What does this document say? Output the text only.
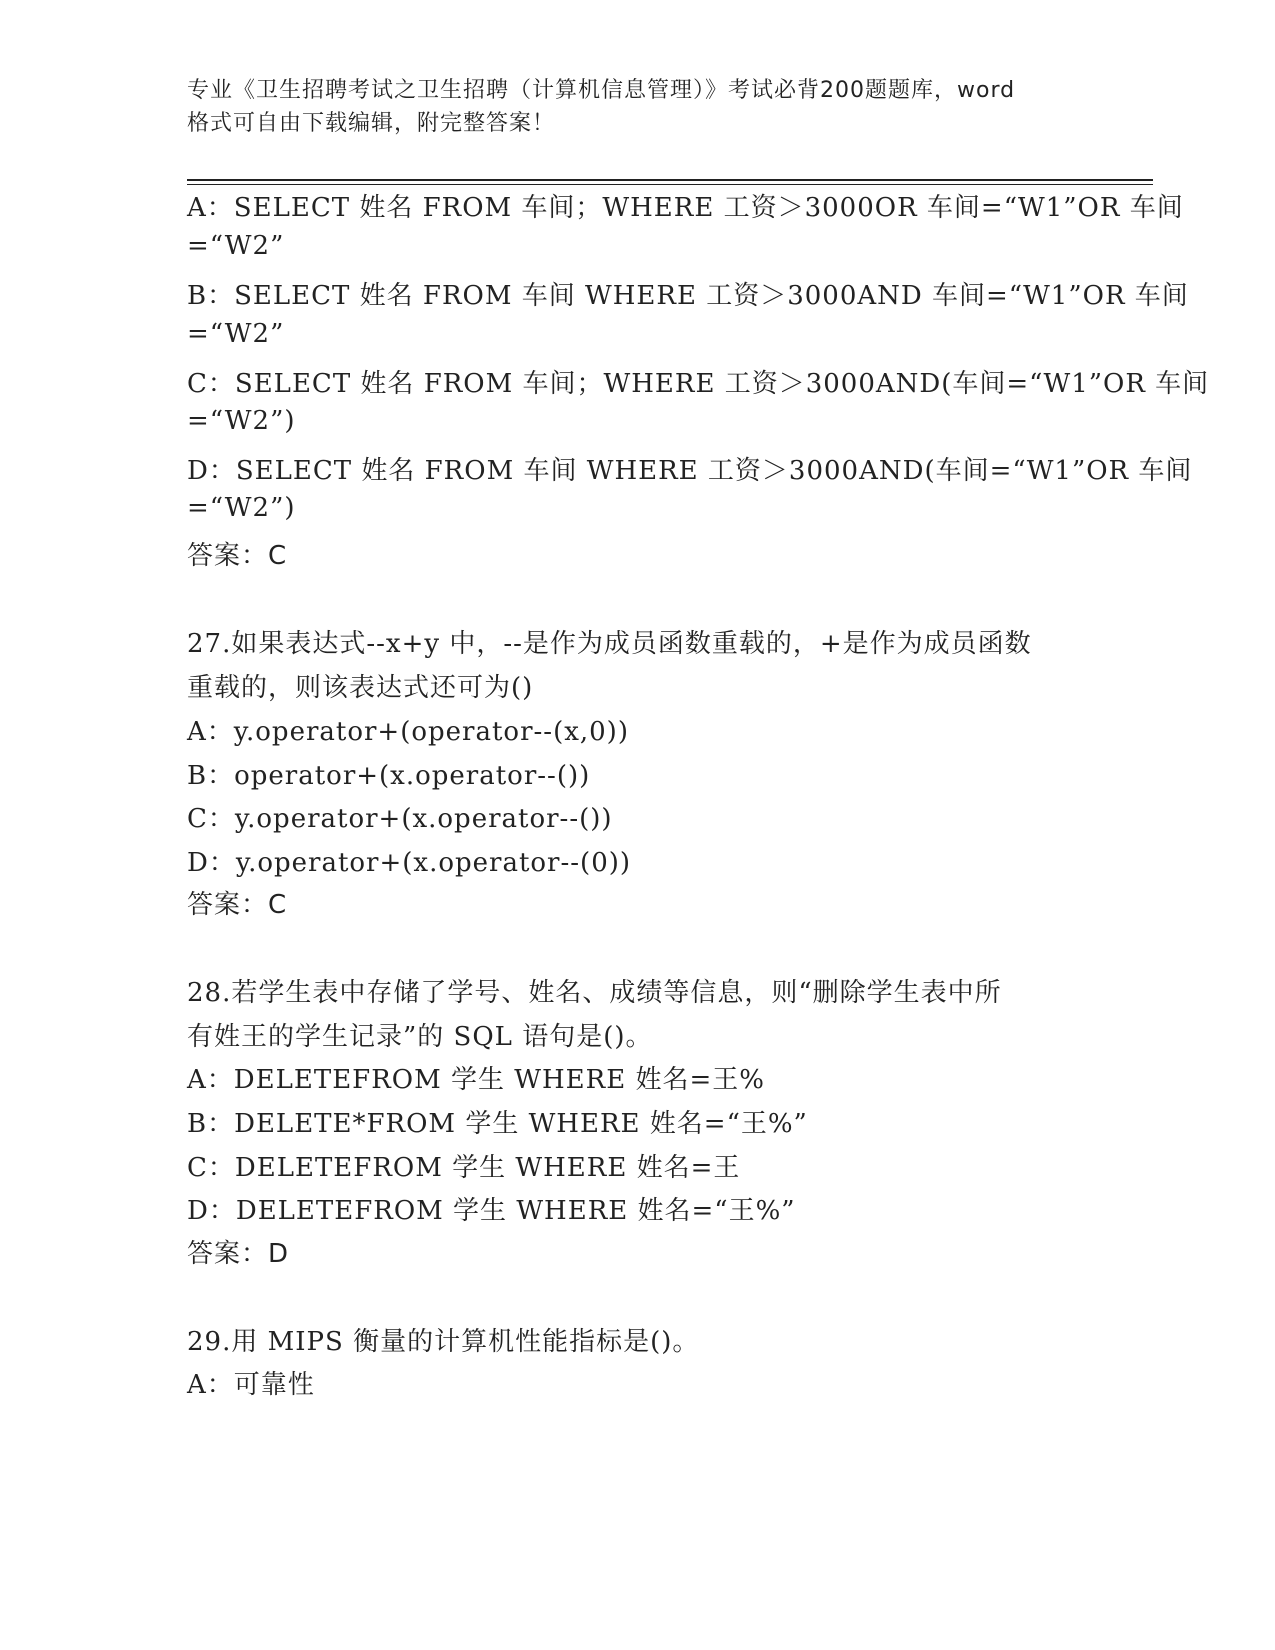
专业《卫生招聘考试之卫生招聘（计算机信息管理）》考试必背200题题库，word
格式可自由下载编辑，附完整答案！
A：SELECT 姓名 FROM 车间；WHERE 工资＞3000OR 车间=“W1”OR 车间
=“W2”
B：SELECT 姓名 FROM 车间 WHERE 工资＞3000AND 车间=“W1”OR 车间
=“W2”
C：SELECT 姓名 FROM 车间；WHERE 工资＞3000AND(车间=“W1”OR 车间
=“W2”)
D：SELECT 姓名 FROM 车间 WHERE 工资＞3000AND(车间=“W1”OR 车间
=“W2”)
答案：C
27.如果表达式--x+y 中，--是作为成员函数重载的，+是作为成员函数
重载的，则该表达式还可为()
A：y.operator+(operator--(x,0))
B：operator+(x.operator--())
C：y.operator+(x.operator--())
D：y.operator+(x.operator--(0))
答案：C
28.若学生表中存储了学号、姓名、成绩等信息，则“删除学生表中所
有姓王的学生记录”的 SQL 语句是()。
A：DELETEFROM 学生 WHERE 姓名=王%
B：DELETE*FROM 学生 WHERE 姓名=“王%”
C：DELETEFROM 学生 WHERE 姓名=王
D：DELETEFROM 学生 WHERE 姓名=“王%”
答案：D
29.用 MIPS 衡量的计算机性能指标是()。
A：可靠性
